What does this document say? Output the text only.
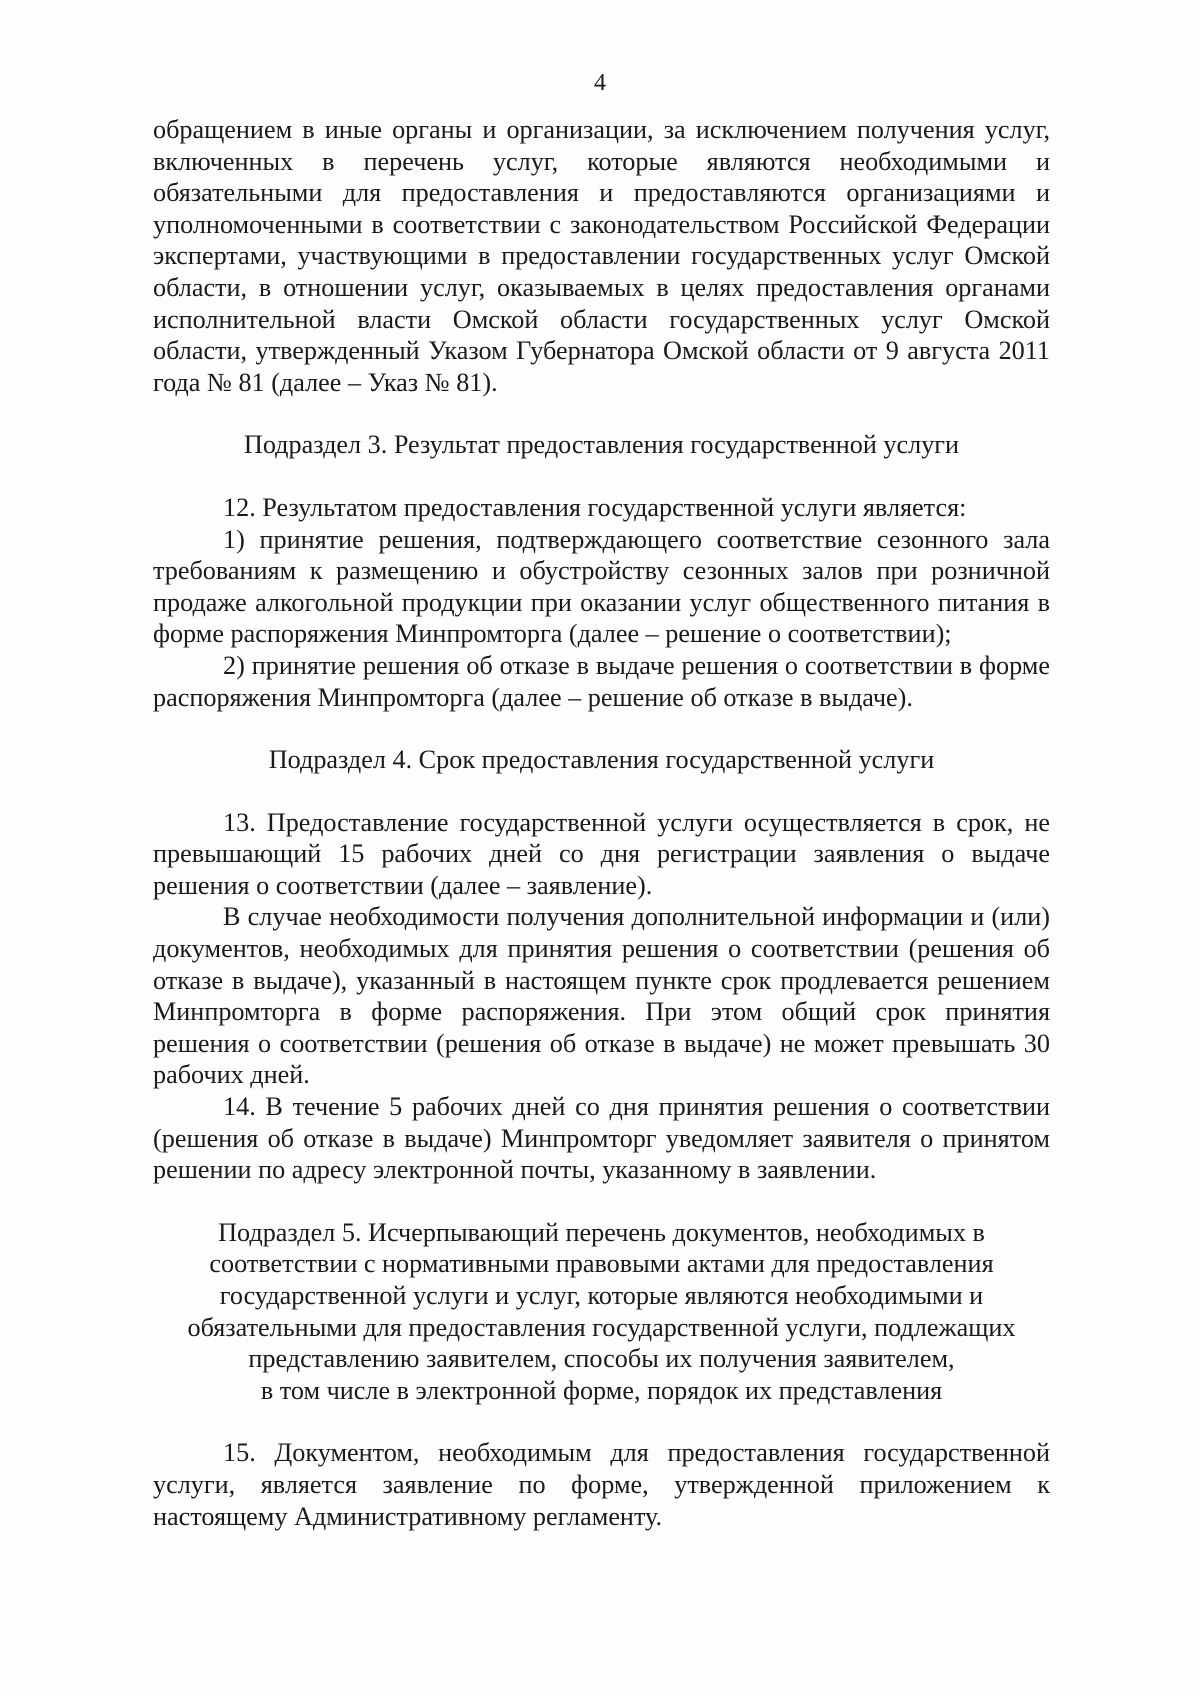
4

обращением в иные органы и организации, за исключением получения услуг, включенных в перечень услуг, которые являются необходимыми и обязательными для предоставления и предоставляются организациями и уполномоченными в соответствии с законодательством Российской Федерации экспертами, участвующими в предоставлении государственных услуг Омской области, в отношении услуг, оказываемых в целях предоставления органами исполнительной власти Омской области государственных услуг Омской области, утвержденный Указом Губернатора Омской области от 9 августа 2011 года № 81 (далее – Указ № 81).

Подраздел 3. Результат предоставления государственной услуги

12. Результатом предоставления государственной услуги является:

1) принятие решения, подтверждающего соответствие сезонного зала требованиям к размещению и обустройству сезонных залов при розничной продаже алкогольной продукции при оказании услуг общественного питания в форме распоряжения Минпромторга (далее – решение о соответствии);

2) принятие решения об отказе в выдаче решения о соответствии в форме распоряжения Минпромторга (далее – решение об отказе в выдаче).

Подраздел 4. Срок предоставления государственной услуги

13. Предоставление государственной услуги осуществляется в срок, не превышающий 15 рабочих дней со дня регистрации заявления о выдаче решения о соответствии (далее – заявление).

В случае необходимости получения дополнительной информации и (или) документов, необходимых для принятия решения о соответствии (решения об отказе в выдаче), указанный в настоящем пункте срок продлевается решением Минпромторга в форме распоряжения. При этом общий срок принятия решения о соответствии (решения об отказе в выдаче) не может превышать 30 рабочих дней.

14. В течение 5 рабочих дней со дня принятия решения о соответствии (решения об отказе в выдаче) Минпромторг уведомляет заявителя о принятом решении по адресу электронной почты, указанному в заявлении.

Подраздел 5. Исчерпывающий перечень документов, необходимых в

соответствии с нормативными правовыми актами для предоставления

государственной услуги и услуг, которые являются необходимыми и

обязательными для предоставления государственной услуги, подлежащих

представлению заявителем, способы их получения заявителем,

в том числе в электронной форме, порядок их представления

15. Документом, необходимым для предоставления государственной услуги, является заявление по форме, утвержденной приложением к настоящему Административному регламенту.
